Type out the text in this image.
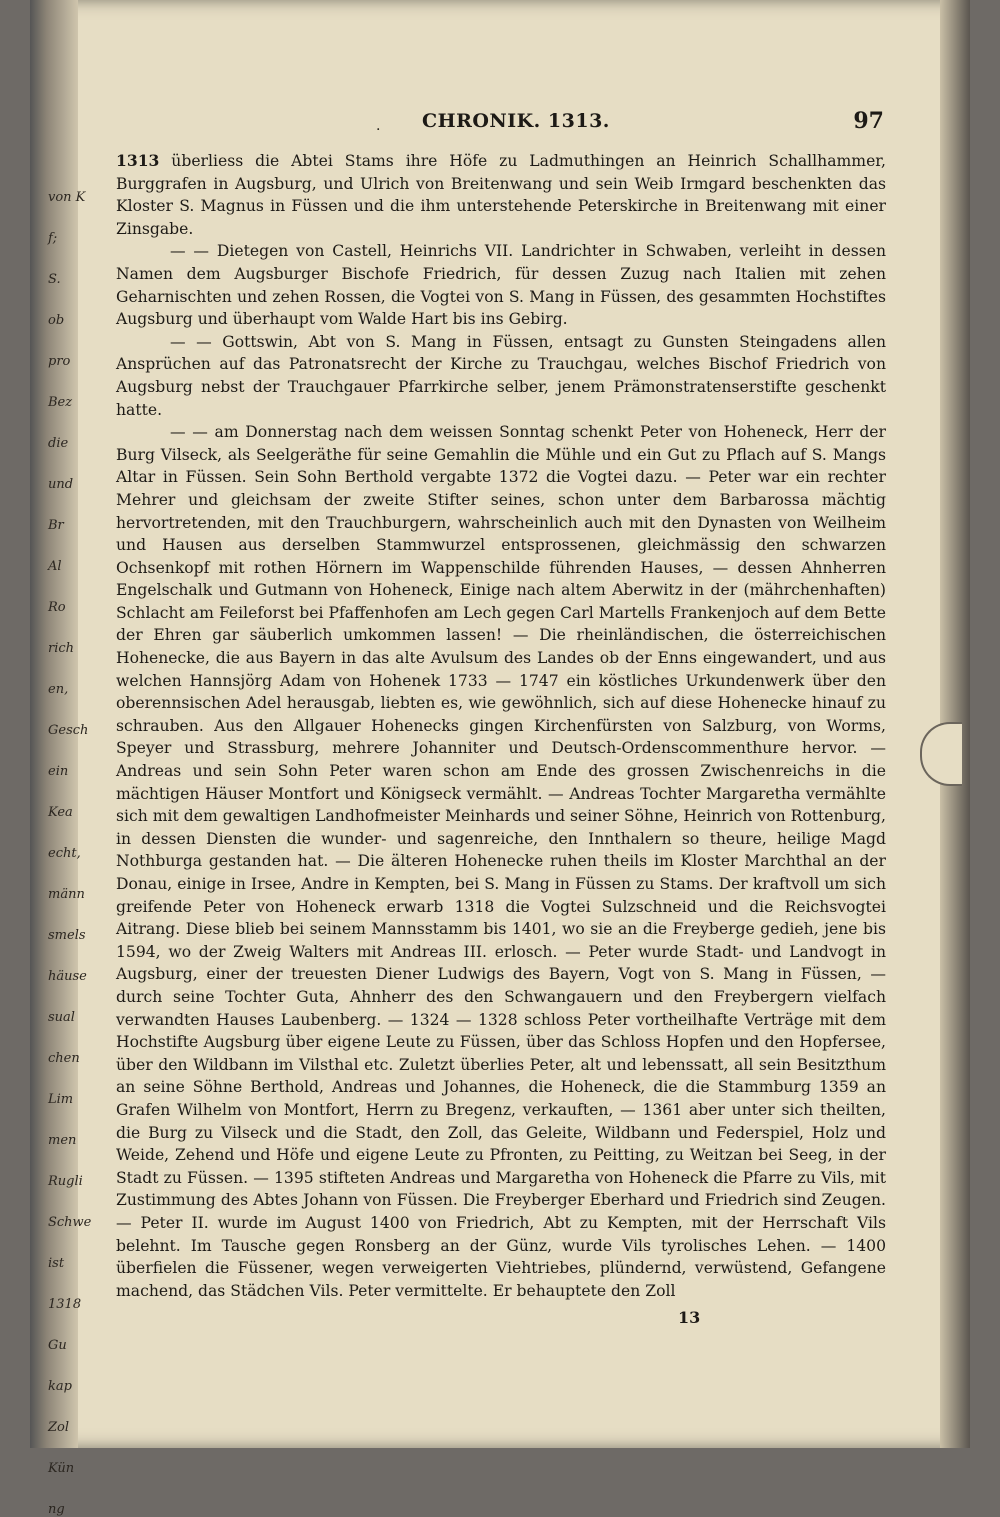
von K
f;
S.
ob
pro
Bez
die
und
Br
Al
Ro
rich
en,
Gesch
ein
Kea
echt,
männ
smels
häuse
sual
chen
Lim
men
Rugli
Schwe
ist
1318
Gu
kap
Zol
Kün
ng
. CHRONIK. 1313.	97

1313 überliess die Abtei Stams ihre Höfe zu Ladmuthingen an Heinrich Schallhammer, Burggrafen in Augsburg, und Ulrich von Breitenwang und sein Weib Irmgard beschenkten das Kloster S. Magnus in Füssen und die ihm unterstehende Peterskirche in Breitenwang mit einer Zinsgabe.

— — Dietegen von Castell, Heinrichs VII. Landrichter in Schwaben, verleiht in dessen Namen dem Augsburger Bischofe Friedrich, für dessen Zuzug nach Italien mit zehen Geharnischten und zehen Rossen, die Vogtei von S. Mang in Füssen, des gesammten Hochstiftes Augsburg und überhaupt vom Walde Hart bis ins Gebirg.

— — Gottswin, Abt von S. Mang in Füssen, entsagt zu Gunsten Steingadens allen Ansprüchen auf das Patronatsrecht der Kirche zu Trauchgau, welches Bischof Friedrich von Augsburg nebst der Trauchgauer Pfarrkirche selber, jenem Prämonstratenserstifte geschenkt hatte.

— — am Donnerstag nach dem weissen Sonntag schenkt Peter von Hoheneck, Herr der Burg Vilseck, als Seelgeräthe für seine Gemahlin die Mühle und ein Gut zu Pflach auf S. Mangs Altar in Füssen. Sein Sohn Berthold vergabte 1372 die Vogtei dazu. — Peter war ein rechter Mehrer und gleichsam der zweite Stifter seines, schon unter dem Barbarossa mächtig hervortretenden, mit den Trauchburgern, wahrscheinlich auch mit den Dynasten von Weilheim und Hausen aus derselben Stammwurzel entsprossenen, gleichmässig den schwarzen Ochsenkopf mit rothen Hörnern im Wappenschilde führenden Hauses, — dessen Ahnherren Engelschalk und Gutmann von Hoheneck, Einige nach altem Aberwitz in der (mährchenhaften) Schlacht am Feileforst bei Pfaffenhofen am Lech gegen Carl Martells Frankenjoch auf dem Bette der Ehren gar säuberlich umkommen lassen! — Die rheinländischen, die österreichischen Hohenecke, die aus Bayern in das alte Avulsum des Landes ob der Enns eingewandert, und aus welchen Hannsjörg Adam von Hohenek 1733 — 1747 ein köstliches Urkundenwerk über den oberennsischen Adel herausgab, liebten es, wie gewöhnlich, sich auf diese Hohenecke hinauf zu schrauben. Aus den Allgauer Hohenecks gingen Kirchenfürsten von Salzburg, von Worms, Speyer und Strassburg, mehrere Johanniter und Deutsch-Ordenscommenthure hervor. — Andreas und sein Sohn Peter waren schon am Ende des grossen Zwischenreichs in die mächtigen Häuser Montfort und Königseck vermählt. — Andreas Tochter Margaretha vermählte sich mit dem gewaltigen Landhofmeister Meinhards und seiner Söhne, Heinrich von Rottenburg, in dessen Diensten die wunder- und sagenreiche, den Innthalern so theure, heilige Magd Nothburga gestanden hat. — Die älteren Hohenecke ruhen theils im Kloster Marchthal an der Donau, einige in Irsee, Andre in Kempten, bei S. Mang in Füssen zu Stams. Der kraftvoll um sich greifende Peter von Hoheneck erwarb 1318 die Vogtei Sulzschneid und die Reichsvogtei Aitrang. Diese blieb bei seinem Mannsstamm bis 1401, wo sie an die Freyberge gedieh, jene bis 1594, wo der Zweig Walters mit Andreas III. erlosch. — Peter wurde Stadt- und Landvogt in Augsburg, einer der treuesten Diener Ludwigs des Bayern, Vogt von S. Mang in Füssen, — durch seine Tochter Guta, Ahnherr des den Schwangauern und den Freybergern vielfach verwandten Hauses Laubenberg. — 1324 — 1328 schloss Peter vortheilhafte Verträge mit dem Hochstifte Augsburg über eigene Leute zu Füssen, über das Schloss Hopfen und den Hopfersee, über den Wildbann im Vilsthal etc. Zuletzt überlies Peter, alt und lebenssatt, all sein Besitzthum an seine Söhne Berthold, Andreas und Johannes, die Hoheneck, die die Stammburg 1359 an Grafen Wilhelm von Montfort, Herrn zu Bregenz, verkauften, — 1361 aber unter sich theilten, die Burg zu Vilseck und die Stadt, den Zoll, das Geleite, Wildbann und Federspiel, Holz und Weide, Zehend und Höfe und eigene Leute zu Pfronten, zu Peitting, zu Weitzan bei Seeg, in der Stadt zu Füssen. — 1395 stifteten Andreas und Margaretha von Hoheneck die Pfarre zu Vils, mit Zustimmung des Abtes Johann von Füssen. Die Freyberger Eberhard und Friedrich sind Zeugen. — Peter II. wurde im August 1400 von Friedrich, Abt zu Kempten, mit der Herrschaft Vils belehnt. Im Tausche gegen Ronsberg an der Günz, wurde Vils tyrolisches Lehen. — 1400 überfielen die Füssener, wegen verweigerten Viehtriebes, plündernd, verwüstend, Gefangene machend, das Städchen Vils. Peter vermittelte. Er behauptete den Zoll

13
